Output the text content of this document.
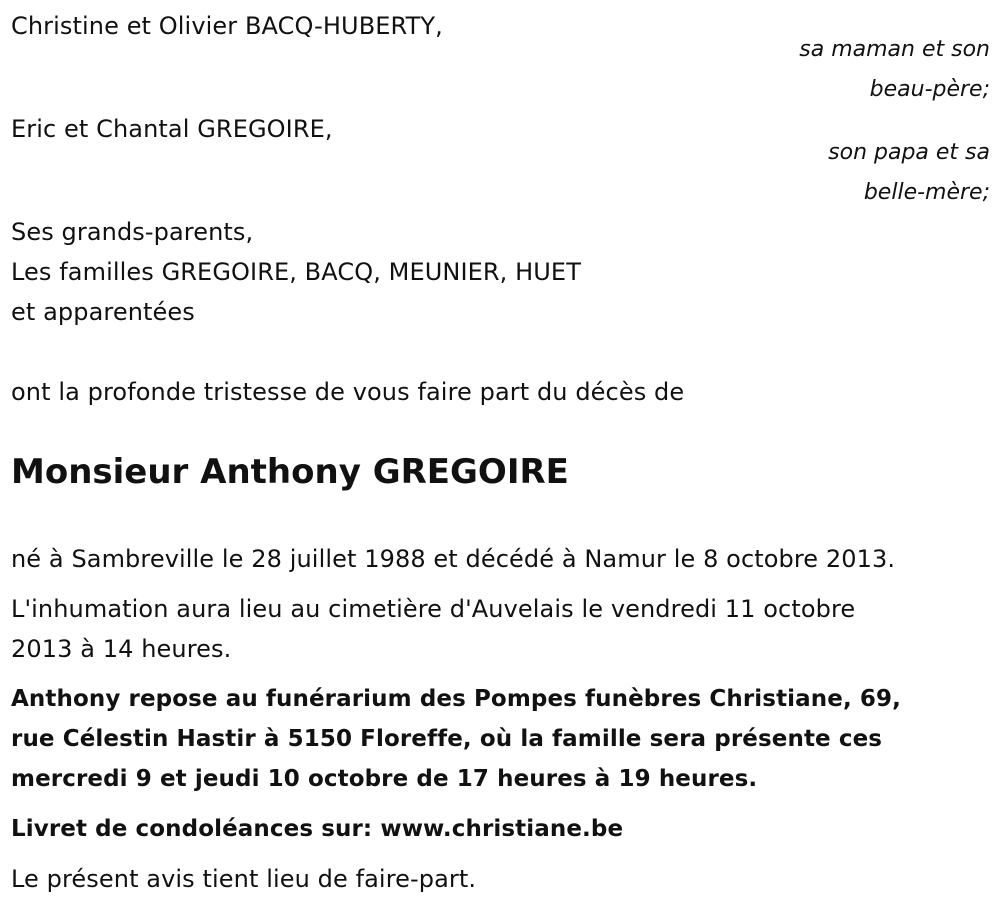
Christine et Olivier BACQ-HUBERTY,
sa maman et son
beau-père;
Eric et Chantal GREGOIRE,
son papa et sa
belle-mère;
Ses grands-parents,
Les familles GREGOIRE, BACQ, MEUNIER, HUET
et apparentées
ont la profonde tristesse de vous faire part du décès de
Monsieur Anthony GREGOIRE
né à Sambreville le 28 juillet 1988 et décédé à Namur le 8 octobre 2013.
L'inhumation aura lieu au cimetière d'Auvelais le vendredi 11 octobre
2013 à 14 heures.
Anthony repose au funérarium des Pompes funèbres Christiane, 69,
rue Célestin Hastir à 5150 Floreffe, où la famille sera présente ces
mercredi 9 et jeudi 10 octobre de 17 heures à 19 heures.
Livret de condoléances sur: www.christiane.be
Le présent avis tient lieu de faire-part.
